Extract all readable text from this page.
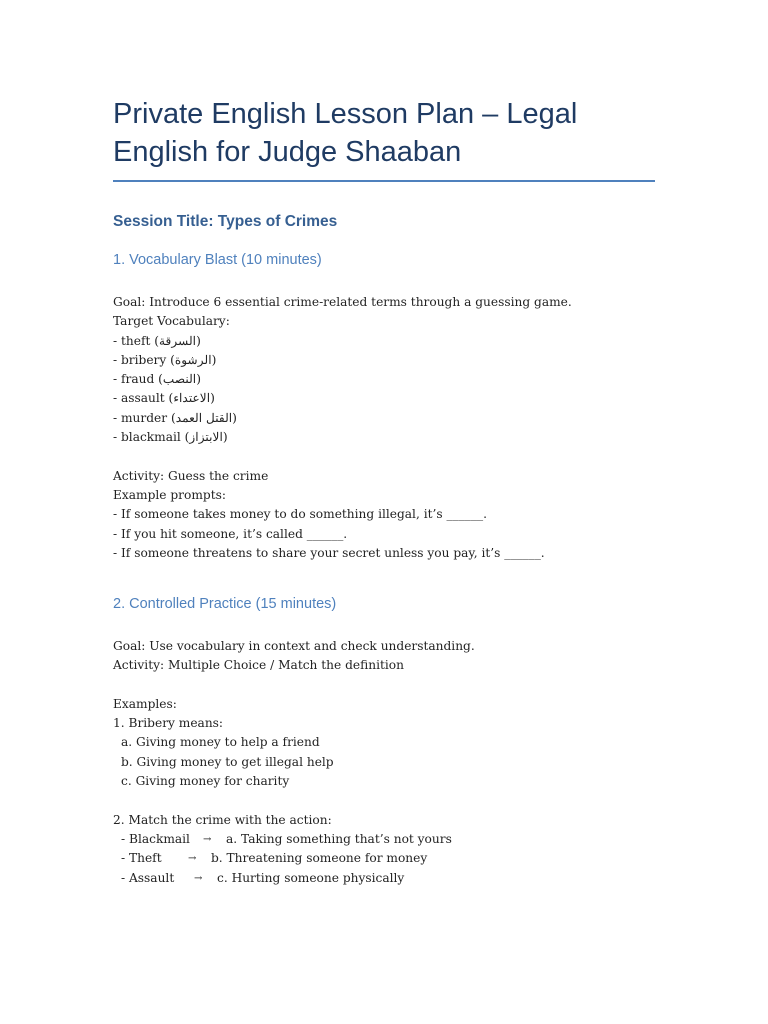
Private English Lesson Plan – Legal
English for Judge Shaaban
Session Title: Types of Crimes
1. Vocabulary Blast (10 minutes)
Goal: Introduce 6 essential crime-related terms through a guessing game.
Target Vocabulary:
- theft (السرقة)
- bribery (الرشوة)
- fraud (النصب)
- assault (الاعتداء)
- murder (القتل العمد)
- blackmail (الابتزاز)
Activity: Guess the crime
Example prompts:
- If someone takes money to do something illegal, it’s ______.
- If you hit someone, it’s called ______.
- If someone threatens to share your secret unless you pay, it’s ______.
2. Controlled Practice (15 minutes)
Goal: Use vocabulary in context and check understanding.
Activity: Multiple Choice / Match the definition
Examples:
1. Bribery means:
a. Giving money to help a friend
b. Giving money to get illegal help
c. Giving money for charity
2. Match the crime with the action:

- Blackmail

→

a. Taking something that’s not yours

- Theft

	→

b. Threatening someone for money

- Assault

→

c. Hurting someone physically
